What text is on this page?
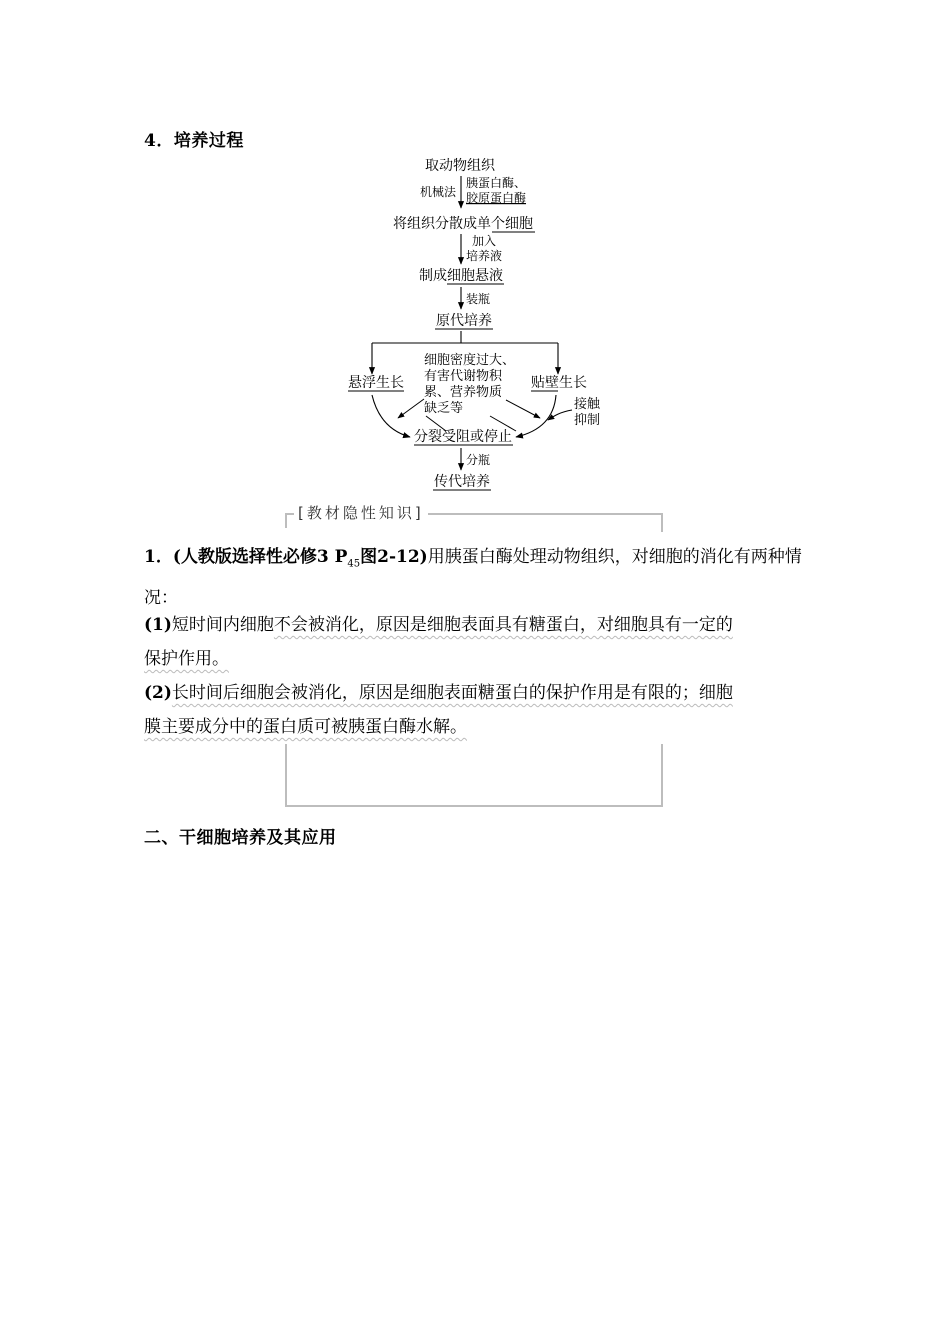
4．培养过程
取动物组织
机械法
胰蛋白酶、
胶原蛋白酶
将组织分散成单个细胞
加入
培养液
制成细胞悬液
装瓶
原代培养
悬浮生长	贴壁生长
细胞密度过大、
有害代谢物积
累、营养物质
缺乏等	接触
抑制
分裂受阻或停止
分瓶
传代培养
[教材隐性知识]
1．(人教版选择性必修3 $P_{45}$图2-12)用胰蛋白酶处理动物组织，对细胞的消化有两种情况：
(1)短时间内细胞不会被消化，原因是细胞表面具有糖蛋白，对细胞具有一定的
保护作用。
(2)长时间后细胞会被消化，原因是细胞表面糖蛋白的保护作用是有限的；细胞
膜主要成分中的蛋白质可被胰蛋白酶水解。
二、干细胞培养及其应用
